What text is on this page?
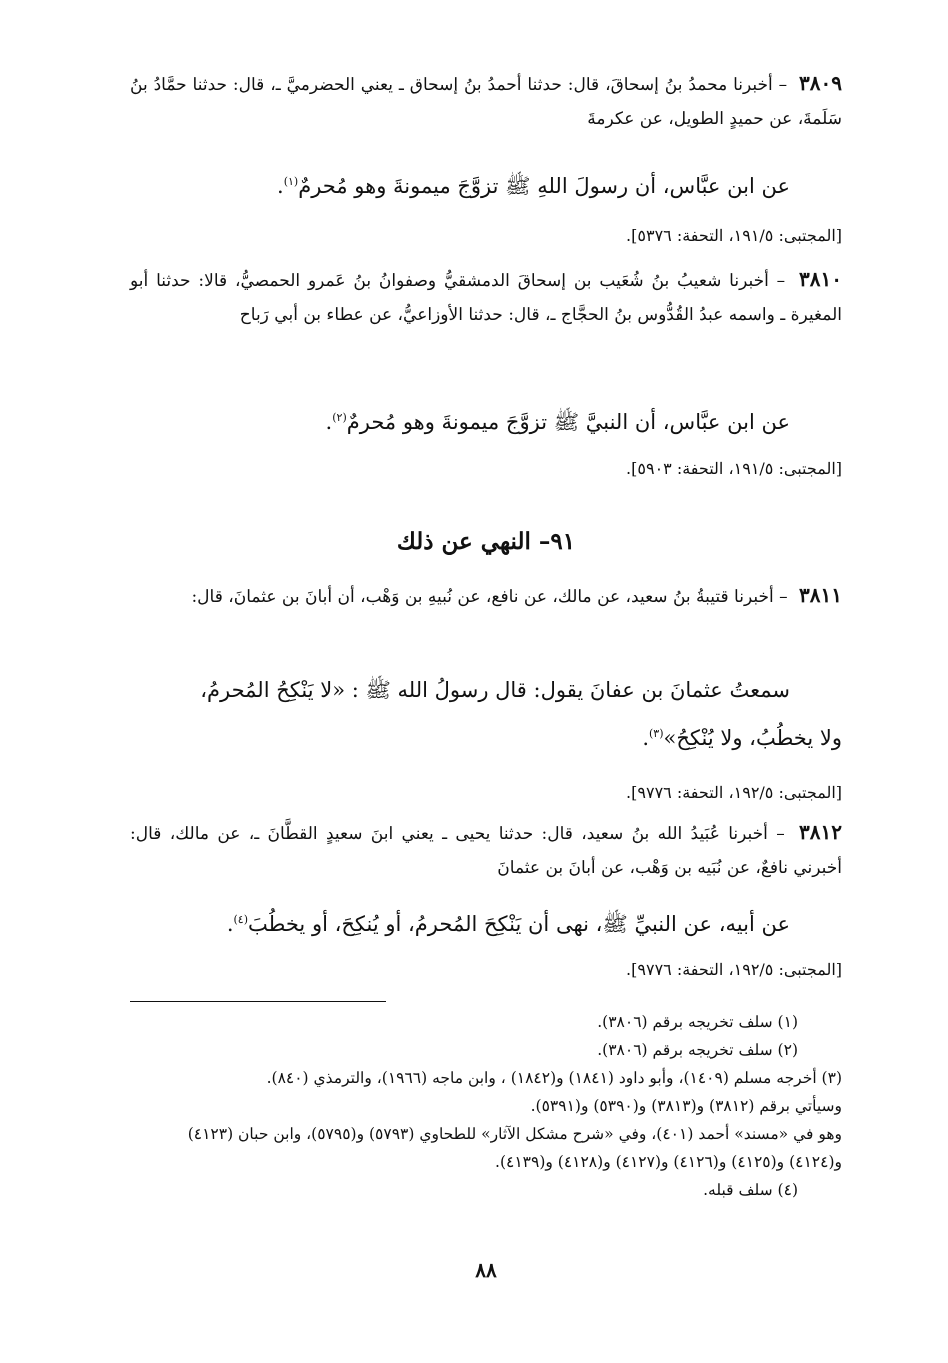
٣٨٠٩ – أخبرنا محمدُ بنُ إسحاقَ، قال: حدثنا أحمدُ بنُ إسحاق ـ يعني الحضرميَّ ـ، قال: حدثنا حمَّادُ بنُ سَلَمةَ، عن حميدٍ الطويل، عن عكرمةَ
عن ابن عبَّاس، أن رسولَ اللهِ ﷺ تزوَّجَ ميمونةَ وهو مُحرمٌ$^{(١)}$.
[المجتبى: ١٩١/٥، التحفة: ٥٣٧٦].
٣٨١٠ – أخبرنا شعيبُ بنُ شُعَيب بن إسحاقَ الدمشقيُّ وصفوانُ بنُ عَمرو الحمصيُّ، قالا: حدثنا أبو المغيرة ـ واسمه عبدُ القُدُّوس بنُ الحجَّاج ـ، قال: حدثنا الأوزاعيُّ، عن عطاء بن أبي رَباح
عن ابن عبَّاس، أن النبيَّ ﷺ تزوَّجَ ميمونةَ وهو مُحرمٌ$^{(٢)}$.
[المجتبى: ١٩١/٥، التحفة: ٥٩٠٣].
٩١– النهي عن ذلك
٣٨١١ – أخبرنا قتيبةُ بنُ سعيد، عن مالك، عن نافع، عن نُبيهِ بن وَهْب، أن أبانَ بن عثمانَ، قال:
سمعتُ عثمانَ بن عفانَ يقول: قال رسولُ الله ﷺ : «لا يَنْكِحُ المُحرمُ،
ولا يخطُبُ، ولا يُنْكِحُ»$^{(٣)}$.
[المجتبى: ١٩٢/٥، التحفة: ٩٧٧٦].
٣٨١٢ – أخبرنا عُبَيدُ الله بنُ سعيد، قال: حدثنا يحيى ـ يعني ابنَ سعيدٍ القطَّانَ ـ، عن مالك، قال: أخبرني نافعٌ، عن نُبَيه بن وَهْب، عن أبانَ بن عثمانَ
عن أبيه، عن النبيِّ ﷺ، نهى أن يَنْكِحَ المُحرمُ، أو يُنكِحَ، أو يخطُبَ$^{(٤)}$.
[المجتبى: ١٩٢/٥، التحفة: ٩٧٧٦].
(١) سلف تخريجه برقم (٣٨٠٦).
(٢) سلف تخريجه برقم (٣٨٠٦).
(٣) أخرجه مسلم (١٤٠٩)، وأبو داود (١٨٤١) و(١٨٤٢) ، وابن ماجه (١٩٦٦)، والترمذي (٨٤٠).
وسيأتي برقم (٣٨١٢) و(٣٨١٣) و(٥٣٩٠) و(٥٣٩١).
وهو في «مسند» أحمد (٤٠١)، وفي «شرح مشكل الآثار» للطحاوي (٥٧٩٣) و(٥٧٩٥)، وابن حبان (٤١٢٣) و(٤١٢٤) و(٤١٢٥) و(٤١٢٦) و(٤١٢٧) و(٤١٢٨) و(٤١٣٩).
(٤) سلف قبله.
٨٨
